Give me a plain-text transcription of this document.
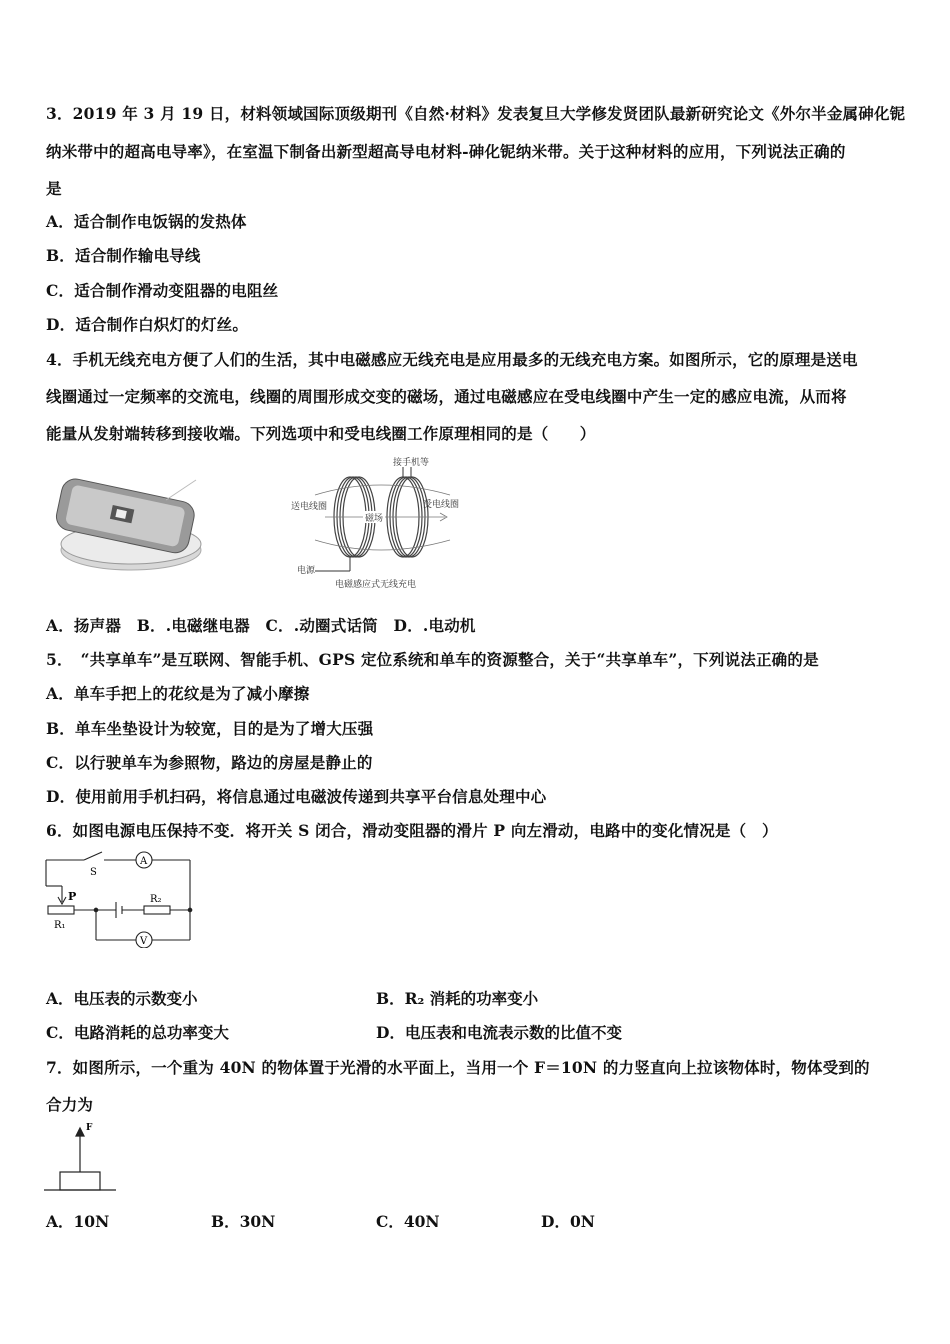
3．2019 年 3 月 19 日，材料领域国际顶级期刊《自然·材料》发表复旦大学修发贤团队最新研究论文《外尔半金属砷化铌
纳米带中的超高电导率》，在室温下制备出新型超高导电材料-砷化铌纳米带。关于这种材料的应用，下列说法正确的
是
A．适合制作电饭锅的发热体
B．适合制作输电导线
C．适合制作滑动变阻器的电阻丝
D．适合制作白炽灯的灯丝。
4．手机无线充电方便了人们的生活，其中电磁感应无线充电是应用最多的无线充电方案。如图所示，它的原理是送电
线圈通过一定频率的交流电，线圈的周围形成交变的磁场，通过电磁感应在受电线圈中产生一定的感应电流，从而将
能量从发射端转移到接收端。下列选项中和受电线圈工作原理相同的是（　　）
磁场
接手机等
送电线圈	受电线圈
电源
电磁感应式无线充电
A．扬声器　B．.电磁继电器　C．.动圈式话筒　D．.电动机
5．　“共享单车”是互联网、智能手机、GPS 定位系统和单车的资源整合，关于“共享单车”，下列说法正确的是
A．单车手把上的花纹是为了减小摩擦
B．单车坐垫设计为较宽，目的是为了增大压强
C．以行驶单车为参照物，路边的房屋是静止的
D．使用前用手机扫码，将信息通过电磁波传递到共享平台信息处理中心
6．如图电源电压保持不变．将开关 S 闭合，滑动变阻器的滑片 P 向左滑动，电路中的变化情况是（　）
S
A
V
P
R₁
R₂
A．电压表的示数变小	B．R₂ 消耗的功率变小
C．电路消耗的总功率变大	D．电压表和电流表示数的比值不变
7．如图所示，一个重为 40N 的物体置于光滑的水平面上，当用一个 F＝10N 的力竖直向上拉该物体时，物体受到的
合力为
F
A．10N	B．30N	C．40N	D．0N
